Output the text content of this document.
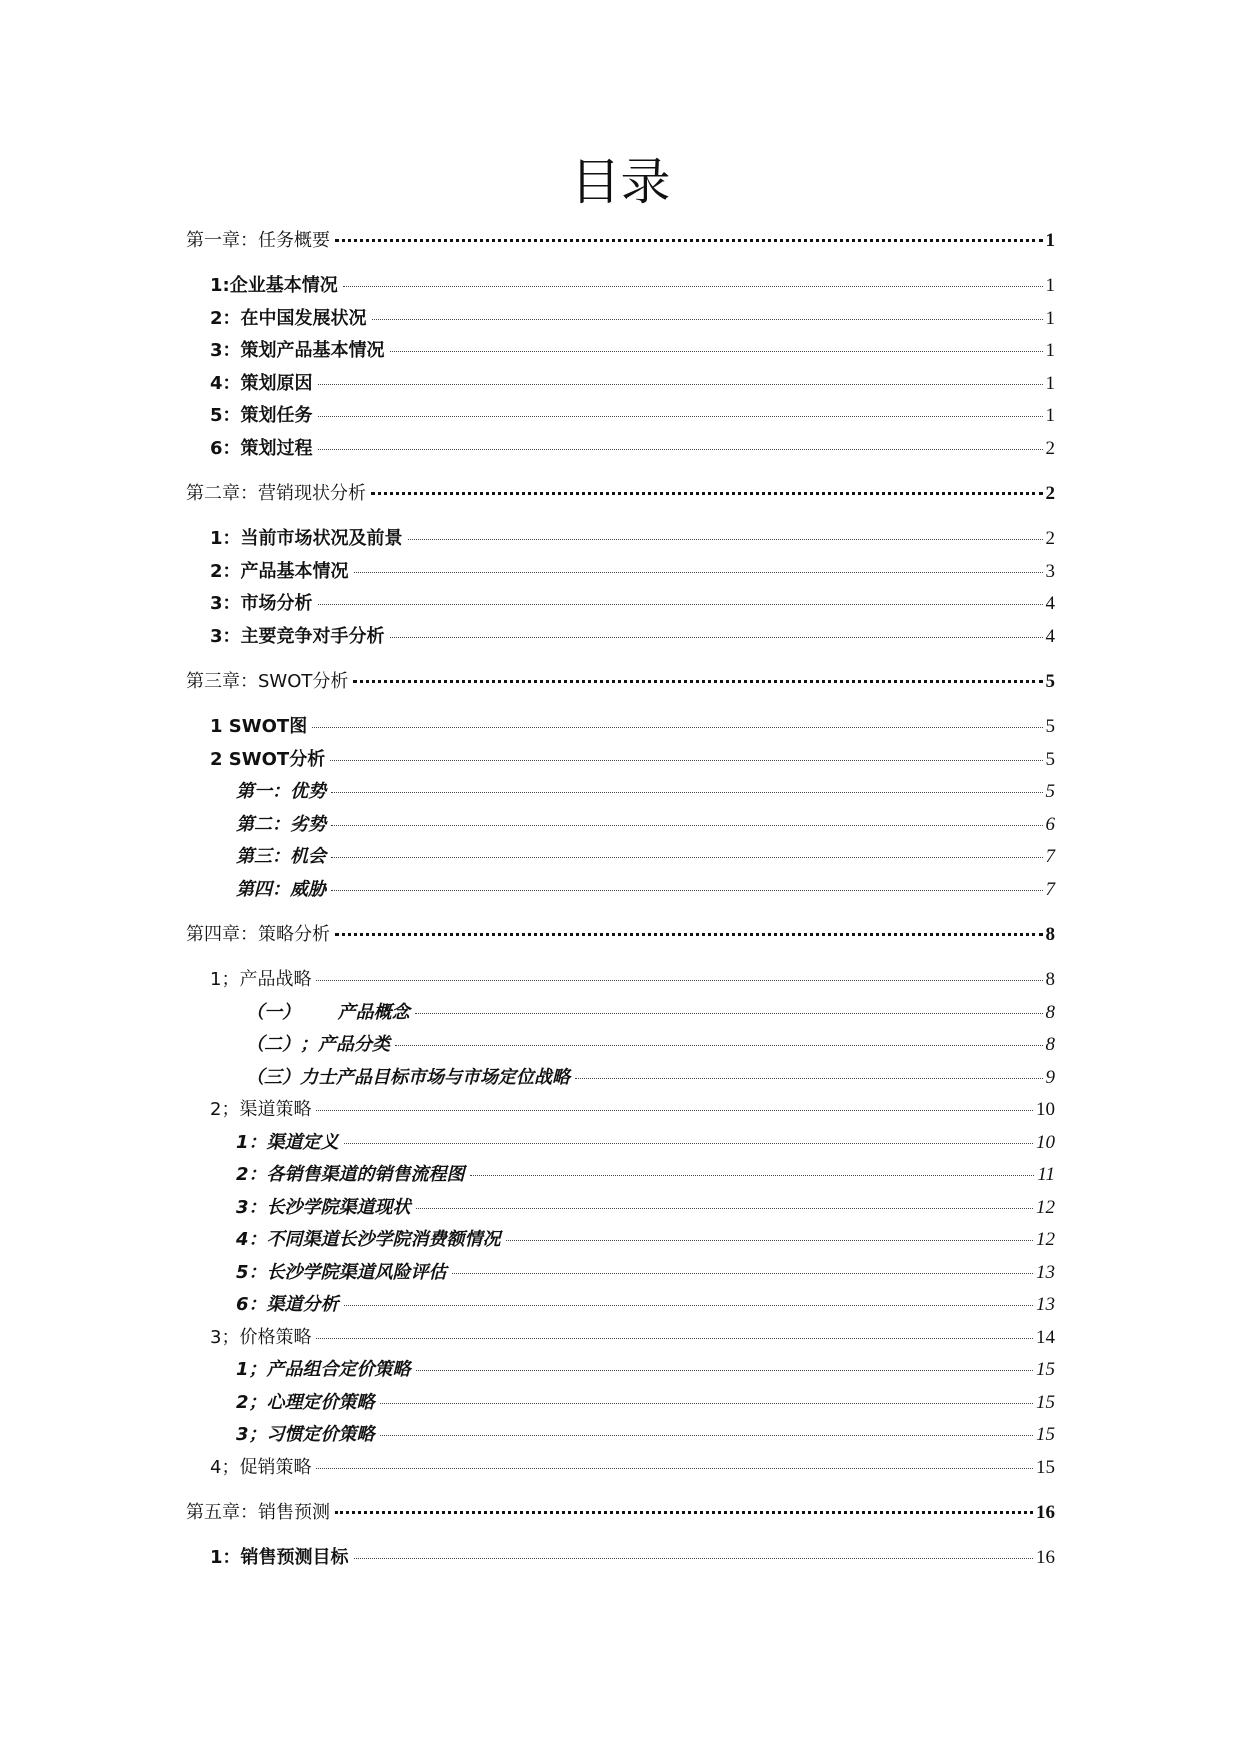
目录
第一章：任务概要	1
1:企业基本情况	1
2：在中国发展状况	1
3：策划产品基本情况	1
4：策划原因	1
5：策划任务	1
6：策划过程	2
第二章：营销现状分析	2
1：当前市场状况及前景	2
2：产品基本情况	3
3：市场分析	4
3：主要竞争对手分析	4
第三章：SWOT分析	5
1 SWOT图	5
2 SWOT分析	5
第一：优势	5
第二：劣势	6
第三：机会	7
第四：威胁	7
第四章：策略分析	8
1；产品战略	8
（一）      产品概念	8
（二）；产品分类	8
（三）力士产品目标市场与市场定位战略	9
2；渠道策略	10
1：渠道定义	10
2：各销售渠道的销售流程图	11
3：长沙学院渠道现状	12
4：不同渠道长沙学院消费额情况	12
5：长沙学院渠道风险评估	13
6：渠道分析	13
3；价格策略	14
1；产品组合定价策略	15
2；心理定价策略	15
3；习惯定价策略	15
4；促销策略	15
第五章：销售预测	16
1：销售预测目标	16
